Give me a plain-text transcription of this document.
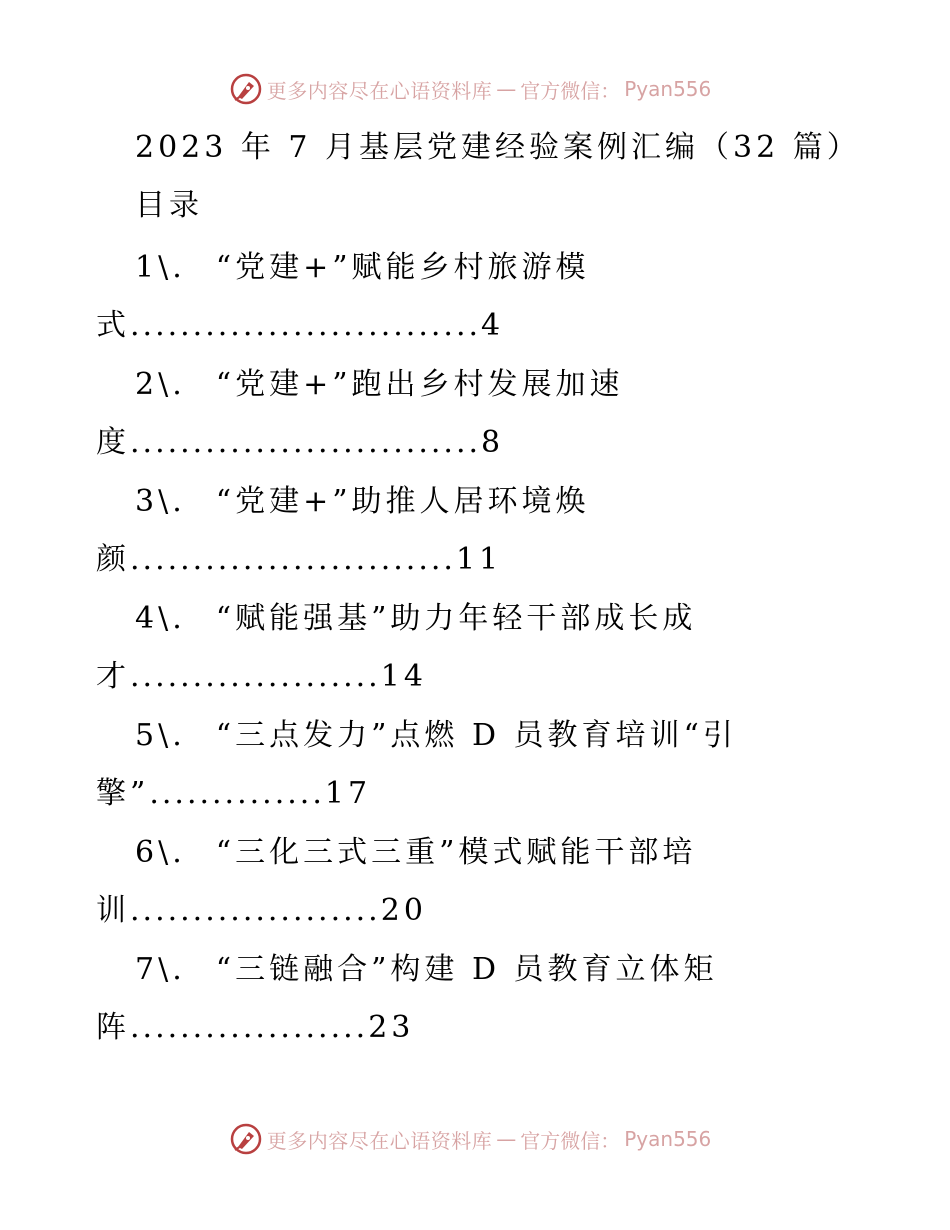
更多内容尽在心语资料库 — 官方微信： Pyan556
2023 年 7 月基层党建经验案例汇编（32 篇）
目录
1\. “党建+”赋能乡村旅游模
式............................4
2\. “党建+”跑出乡村发展加速
度............................8
3\. “党建+”助推人居环境焕
颜..........................11
4\. “赋能强基”助力年轻干部成长成
才....................14
5\. “三点发力”点燃 D 员教育培训“引
擎”..............17
6\. “三化三式三重”模式赋能干部培
训....................20
7\. “三链融合”构建 D 员教育立体矩
阵...................23
更多内容尽在心语资料库 — 官方微信： Pyan556
